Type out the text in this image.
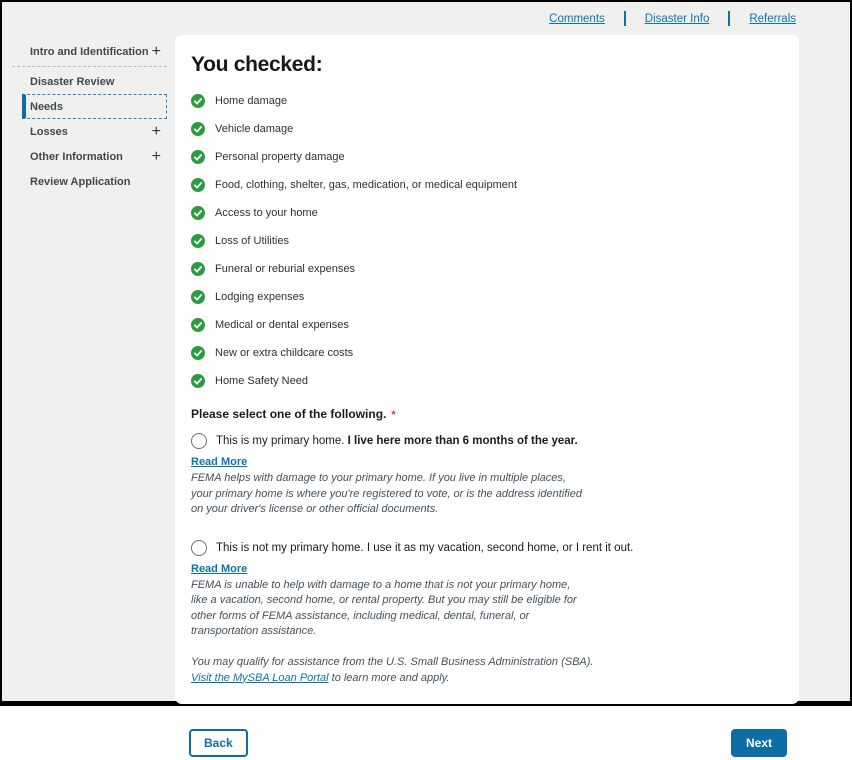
Comments	Disaster Info	Referrals
Intro and Identification +
Disaster Review
Needs
Losses	+
Other Information +
Review Application
You checked:
Home damage
Vehicle damage
Personal property damage
Food, clothing, shelter, gas, medication, or medical equipment
Access to your home
Loss of Utilities
Funeral or reburial expenses
Lodging expenses
Medical or dental expenses
New or extra childcare costs
Home Safety Need
Please select one of the following. *
This is my primary home. I live here more than 6 months of the year.
Read More
FEMA helps with damage to your primary home. If you live in multiple places,
your primary home is where you're registered to vote, or is the address identified
on your driver's license or other official documents.
This is not my primary home. I use it as my vacation, second home, or I rent it out.
Read More
FEMA is unable to help with damage to a home that is not your primary home,
like a vacation, second home, or rental property. But you may still be eligible for
other forms of FEMA assistance, including medical, dental, funeral, or
transportation assistance.
You may qualify for assistance from the U.S. Small Business Administration (SBA).
Visit the MySBA Loan Portal to learn more and apply.
Back	Next
